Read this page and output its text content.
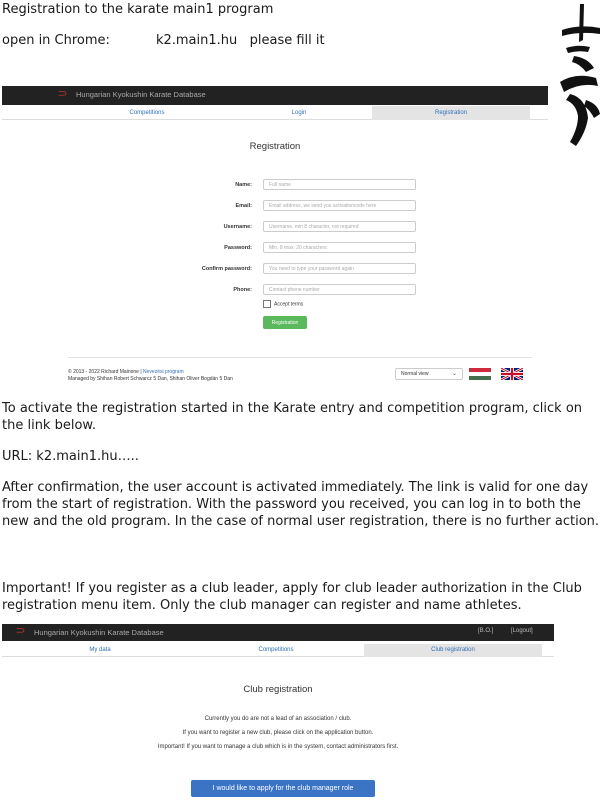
Registration to the karate main1 program
open in Chrome:	k2.main1.hu please fill it
⸧ Hungarian Kyokushin Karate Database
Competitions	Login	Registration
Registration
Name:
Full name
Email:
Email address, we send you activationcode here
Username:
Username, min 8 character, not required
Password:
Min. 8 max. 20 characters.
Confirm password:
You need to type your password again
Phone:
Contact phone number
Accept terms
Registration
© 2013 - 2022 Richard Mainone | Nevezési program
Managed by Shihan Robert Schwarcz 5 Dan, Shihan Oliver Bogdán 5 Dan
Normal view	⌄
To activate the registration started in the Karate entry and competition program, click on the link below.
URL: k2.main1.hu…..
After confirmation, the user account is activated immediately. The link is valid for one day from the start of registration. With the password you received, you can log in to both the new and the old program. In the case of normal user registration, there is no further action.
Important! If you register as a club leader, apply for club leader authorization in the Club registration menu item. Only the club manager can register and name athletes.
⸧ Hungarian Kyokushin Karate Database	[B.O.]	[Logout]
My data	Competitions	Club registration
Club registration
Currently you do are not a lead of an association / club.
If you want to register a new club, please click on the application button.
Important! If you want to manage a club which is in the system, contact administrators first.
I would like to apply for the club manager role
